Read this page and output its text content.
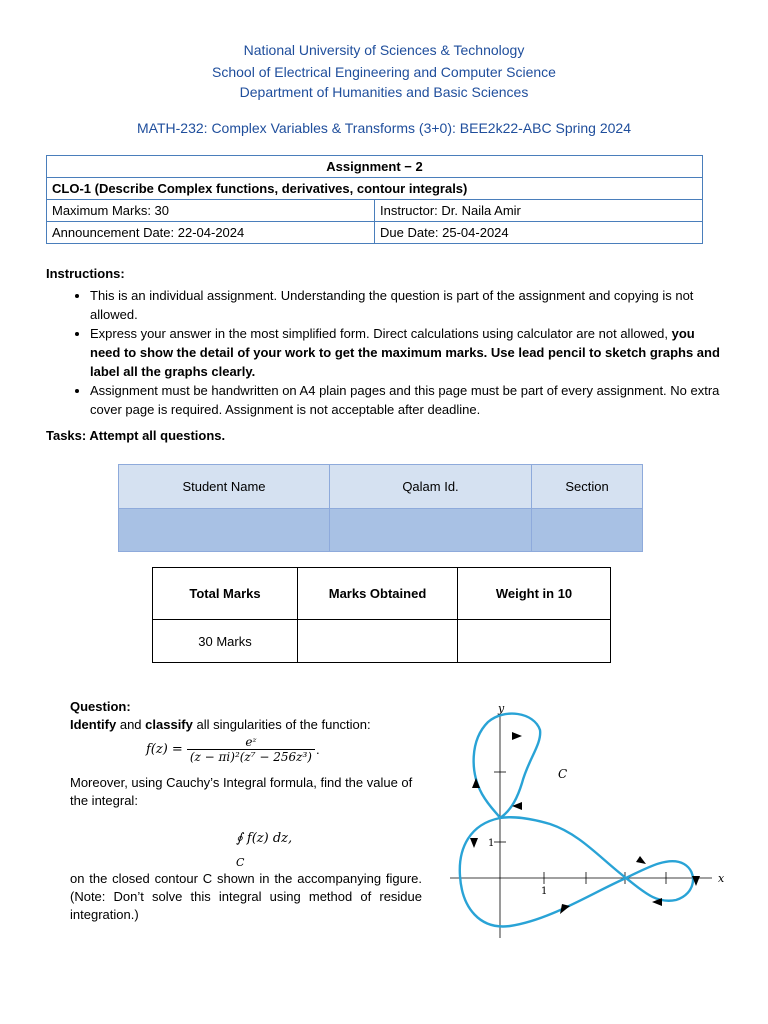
National University of Sciences & Technology
School of Electrical Engineering and Computer Science
Department of Humanities and Basic Sciences
MATH-232: Complex Variables & Transforms (3+0): BEE2k22-ABC Spring 2024
Assignment − 2	
CLO-1 (Describe Complex functions, derivatives, contour integrals)	
Maximum Marks: 30	Instructor: Dr. Naila Amir
Announcement Date: 22-04-2024	Due Date: 25-04-2024
Instructions:
• This is an individual assignment. Understanding the question is part of the assignment and copying is not allowed.
• Express your answer in the most simplified form. Direct calculations using calculator are not allowed, you need to show the detail of your work to get the maximum marks. Use lead pencil to sketch graphs and label all the graphs clearly.
• Assignment must be handwritten on A4 plain pages and this page must be part of every assignment. No extra cover page is required. Assignment is not acceptable after deadline.
Tasks: Attempt all questions.
Student Name	Qalam Id.	Section

Total Marks	Marks Obtained	Weight in 10
30 Marks		
Question:
Identify and classify all singularities of the function:
$f(z) = \frac{\text{eᶻ}}{\text{(z − πi)²(z⁷ − 256z³)}}$ .
Moreover, using Cauchy’s Integral formula, find the value of the integral:
∮ f(z) dz,
C
on the closed contour C shown in the accompanying figure. (Note: Don’t solve this integral using method of residue integration.)
y
x
C
1
1
